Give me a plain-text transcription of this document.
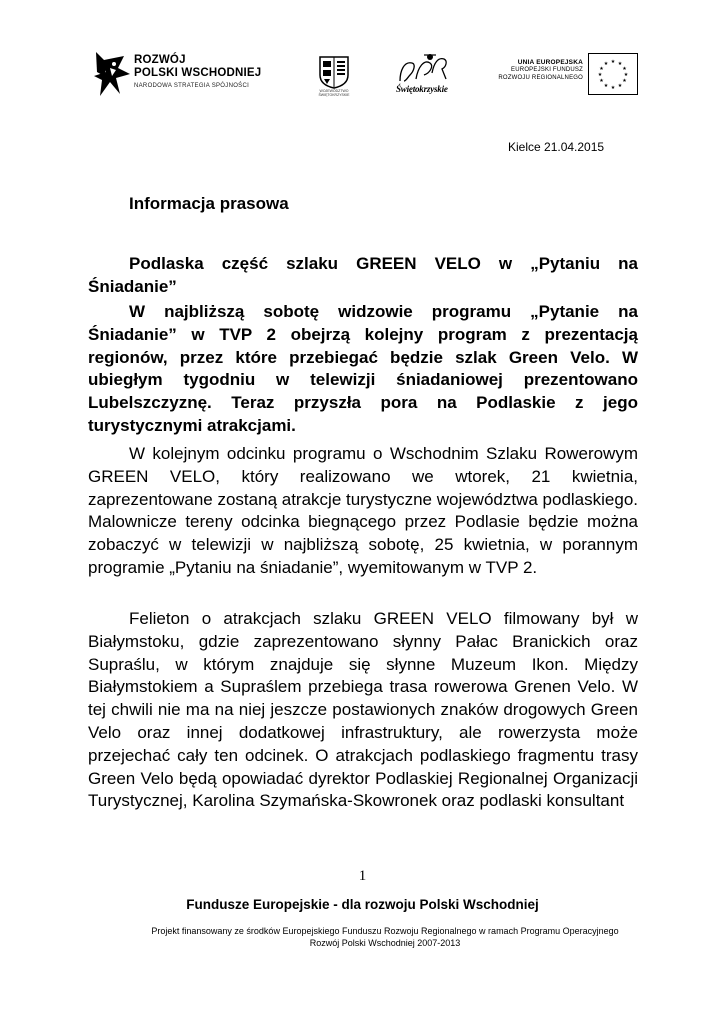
ROZWÓJ
POLSKI WSCHODNIEJ
NARODOWA STRATEGIA SPÓJNOŚCI
WOJEWÓDZTWO ŚWIĘTOKRZYSKIE
Świętokrzyskie
UNIA EUROPEJSKA
EUROPEJSKI FUNDUSZ
ROZWOJU REGIONALNEGO
★ ★
★
★
★
★
★
★
★
★
★
★
Kielce 21.04.2015
Informacja prasowa
Podlaska część szlaku GREEN VELO w „Pytaniu na Śniadanie”
W najbliższą sobotę widzowie programu „Pytanie na Śniadanie” w TVP 2 obejrzą kolejny program z prezentacją regionów, przez które przebiegać będzie szlak Green Velo. W ubiegłym tygodniu w telewizji śniadaniowej prezentowano Lubelszczyznę. Teraz przyszła pora na Podlaskie z jego turystycznymi atrakcjami.
W kolejnym odcinku programu o Wschodnim Szlaku Rowerowym GREEN VELO, który realizowano we wtorek, 21 kwietnia, zaprezentowane zostaną atrakcje turystyczne województwa podlaskiego. Malownicze tereny odcinka biegnącego przez Podlasie będzie można zobaczyć w telewizji w najbliższą sobotę, 25 kwietnia, w porannym programie „Pytaniu na śniadanie”, wyemitowanym w TVP 2.
Felieton o atrakcjach szlaku GREEN VELO filmowany był w Białymstoku, gdzie zaprezentowano słynny Pałac Branickich oraz Supraślu, w którym znajduje się słynne Muzeum Ikon. Między Białymstokiem a Supraślem przebiega trasa rowerowa Grenen Velo. W tej chwili nie ma na niej jeszcze postawionych znaków drogowych Green Velo oraz innej dodatkowej infrastruktury, ale rowerzysta może przejechać cały ten odcinek. O atrakcjach podlaskiego fragmentu trasy Green Velo będą opowiadać dyrektor Podlaskiej Regionalnej Organizacji Turystycznej, Karolina Szymańska-Skowronek oraz podlaski konsultant
1
Fundusze Europejskie - dla rozwoju Polski Wschodniej
Projekt finansowany ze środków Europejskiego Funduszu Rozwoju Regionalnego w ramach Programu Operacyjnego Rozwój Polski Wschodniej 2007-2013
